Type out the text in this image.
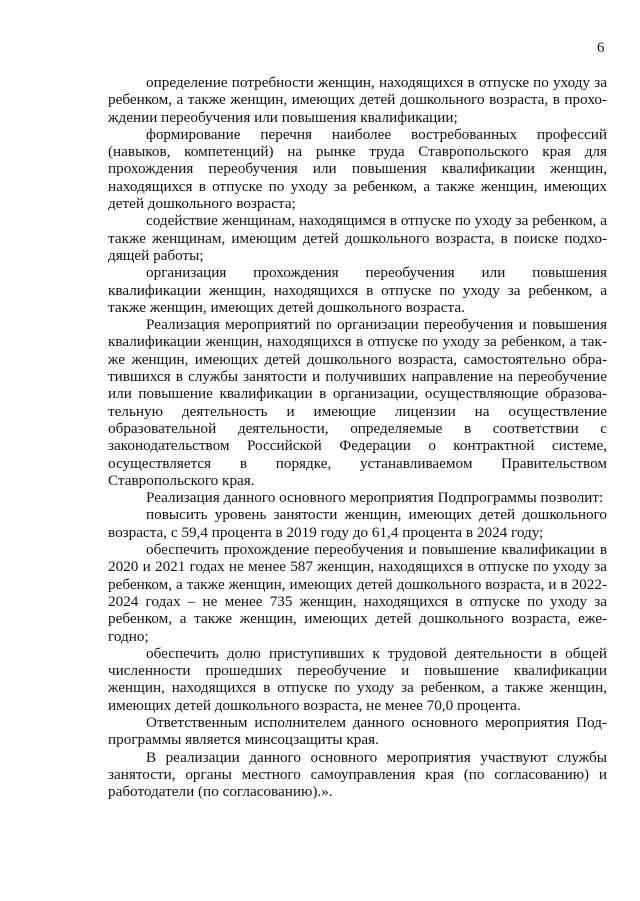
6

определение потребности женщин, находящихся в отпуске по уходу за ребенком, а также женщин, имеющих детей дошкольного возраста, в прохождении переобучения или повышения квалификации;

формирование перечня наиболее востребованных профессий (навыков, компетенций) на рынке труда Ставропольского края для прохождения переобучения или повышения квалификации женщин, находящихся в отпуске по уходу за ребенком, а также женщин, имеющих детей дошкольного возраста;

содействие женщинам, находящимся в отпуске по уходу за ребенком, а также женщинам, имеющим детей дошкольного возраста, в поиске подходящей работы;

организация прохождения переобучения или повышения квалификации женщин, находящихся в отпуске по уходу за ребенком, а также женщин, имеющих детей дошкольного возраста.

Реализация мероприятий по организации переобучения и повышения квалификации женщин, находящихся в отпуске по уходу за ребенком, а также женщин, имеющих детей дошкольного возраста, самостоятельно обратившихся в службы занятости и получивших направление на переобучение или повышение квалификации в организации, осуществляющие образовательную деятельность и имеющие лицензии на осуществление образовательной деятельности, определяемые в соответствии с законодательством Российской Федерации о контрактной системе, осуществляется в порядке, устанавливаемом Правительством Ставропольского края.

Реализация данного основного мероприятия Подпрограммы позволит:

повысить уровень занятости женщин, имеющих детей дошкольного возраста, с 59,4 процента в 2019 году до 61,4 процента в 2024 году;

обеспечить прохождение переобучения и повышение квалификации в 2020 и 2021 годах не менее 587 женщин, находящихся в отпуске по уходу за ребенком, а также женщин, имеющих детей дошкольного возраста, и в 2022-2024 годах – не менее 735 женщин, находящихся в отпуске по уходу за ребенком, а также женщин, имеющих детей дошкольного возраста, ежегодно;

обеспечить долю приступивших к трудовой деятельности в общей численности прошедших переобучение и повышение квалификации женщин, находящихся в отпуске по уходу за ребенком, а также женщин, имеющих детей дошкольного возраста, не менее 70,0 процента.

Ответственным исполнителем данного основного мероприятия Подпрограммы является минсоцзащиты края.

В реализации данного основного мероприятия участвуют службы занятости, органы местного самоуправления края (по согласованию) и работодатели (по согласованию).».
